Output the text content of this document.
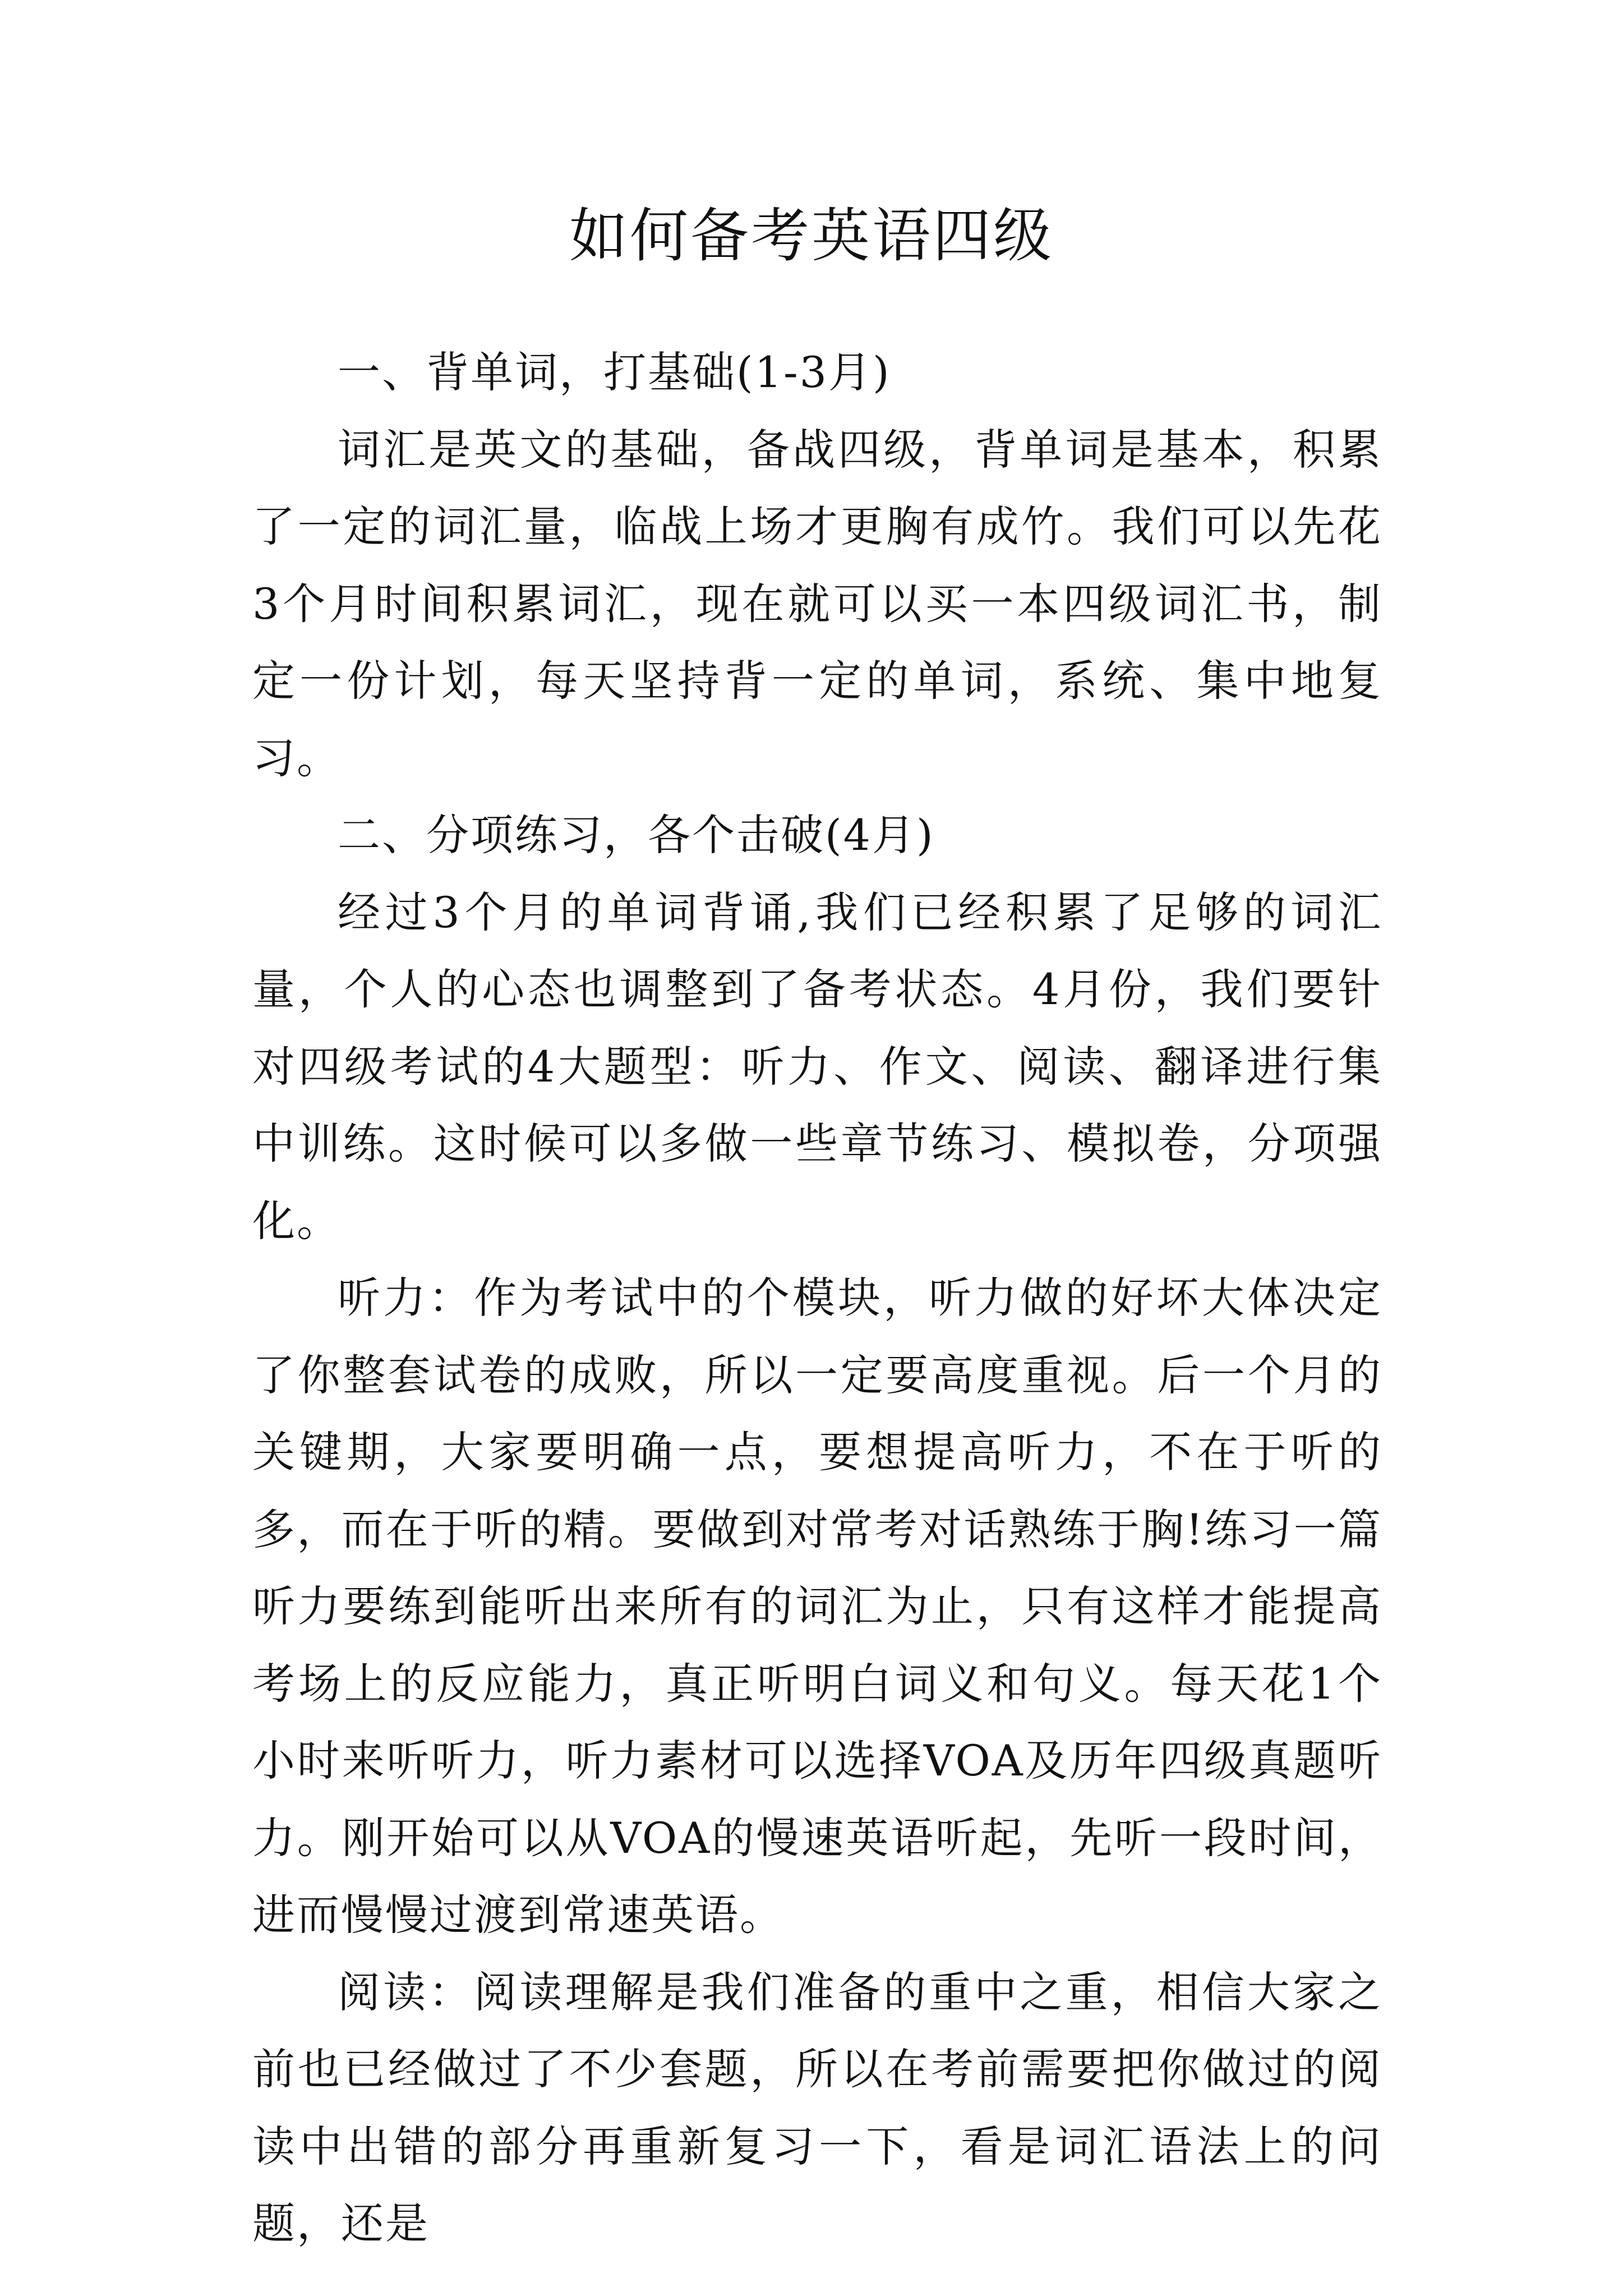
如何备考英语四级

一、背单词，打基础(1-3月)

词汇是英文的基础，备战四级，背单词是基本，积累了一定的词汇量，临战上场才更胸有成竹。我们可以先花3个月时间积累词汇，现在就可以买一本四级词汇书，制定一份计划，每天坚持背一定的单词，系统、集中地复习。

二、分项练习，各个击破(4月)

经过3个月的单词背诵,我们已经积累了足够的词汇量，个人的心态也调整到了备考状态。4月份，我们要针对四级考试的4大题型：听力、作文、阅读、翻译进行集中训练。这时候可以多做一些章节练习、模拟卷，分项强化。

听力：作为考试中的个模块，听力做的好坏大体决定了你整套试卷的成败，所以一定要高度重视。后一个月的关键期，大家要明确一点，要想提高听力，不在于听的多，而在于听的精。要做到对常考对话熟练于胸!练习一篇听力要练到能听出来所有的词汇为止，只有这样才能提高考场上的反应能力，真正听明白词义和句义。每天花1个小时来听听力，听力素材可以选择VOA及历年四级真题听力。刚开始可以从VOA的慢速英语听起，先听一段时间，进而慢慢过渡到常速英语。

阅读：阅读理解是我们准备的重中之重，相信大家之前也已经做过了不少套题，所以在考前需要把你做过的阅读中出错的部分再重新复习一下，看是词汇语法上的问题，还是
